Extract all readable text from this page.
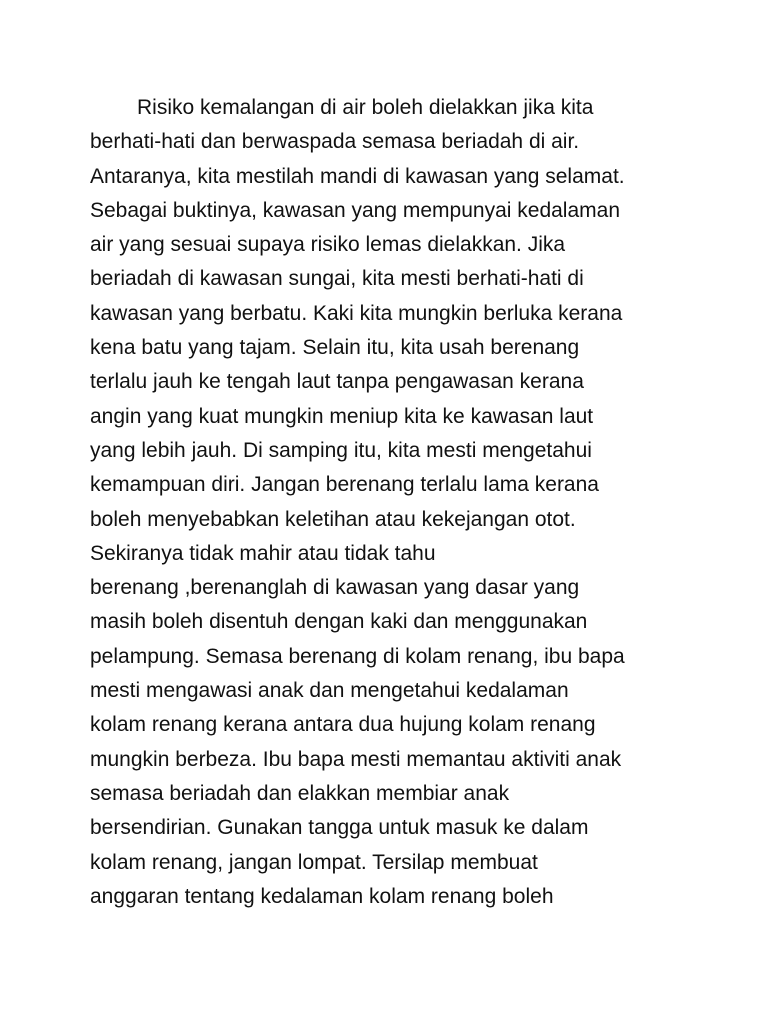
Risiko kemalangan di air boleh dielakkan jika kita
berhati-hati dan berwaspada semasa beriadah di air.
Antaranya, kita mestilah mandi di kawasan yang selamat.
Sebagai buktinya, kawasan yang mempunyai kedalaman
air yang sesuai supaya risiko lemas dielakkan. Jika
beriadah di kawasan sungai, kita mesti berhati-hati di
kawasan yang berbatu. Kaki kita mungkin berluka kerana
kena batu yang tajam. Selain itu, kita usah berenang
terlalu jauh ke tengah laut tanpa pengawasan kerana
angin yang kuat mungkin meniup kita ke kawasan laut
yang lebih jauh. Di samping itu, kita mesti mengetahui
kemampuan diri. Jangan berenang terlalu lama kerana
boleh menyebabkan keletihan atau kekejangan otot.
Sekiranya tidak mahir atau tidak tahu
berenang ,berenanglah di kawasan yang dasar yang
masih boleh disentuh dengan kaki dan menggunakan
pelampung. Semasa berenang di kolam renang, ibu bapa
mesti mengawasi anak dan mengetahui kedalaman
kolam renang kerana antara dua hujung kolam renang
mungkin berbeza. Ibu bapa mesti memantau aktiviti anak
semasa beriadah dan elakkan membiar anak
bersendirian. Gunakan tangga untuk masuk ke dalam
kolam renang, jangan lompat. Tersilap membuat
anggaran tentang kedalaman kolam renang boleh
